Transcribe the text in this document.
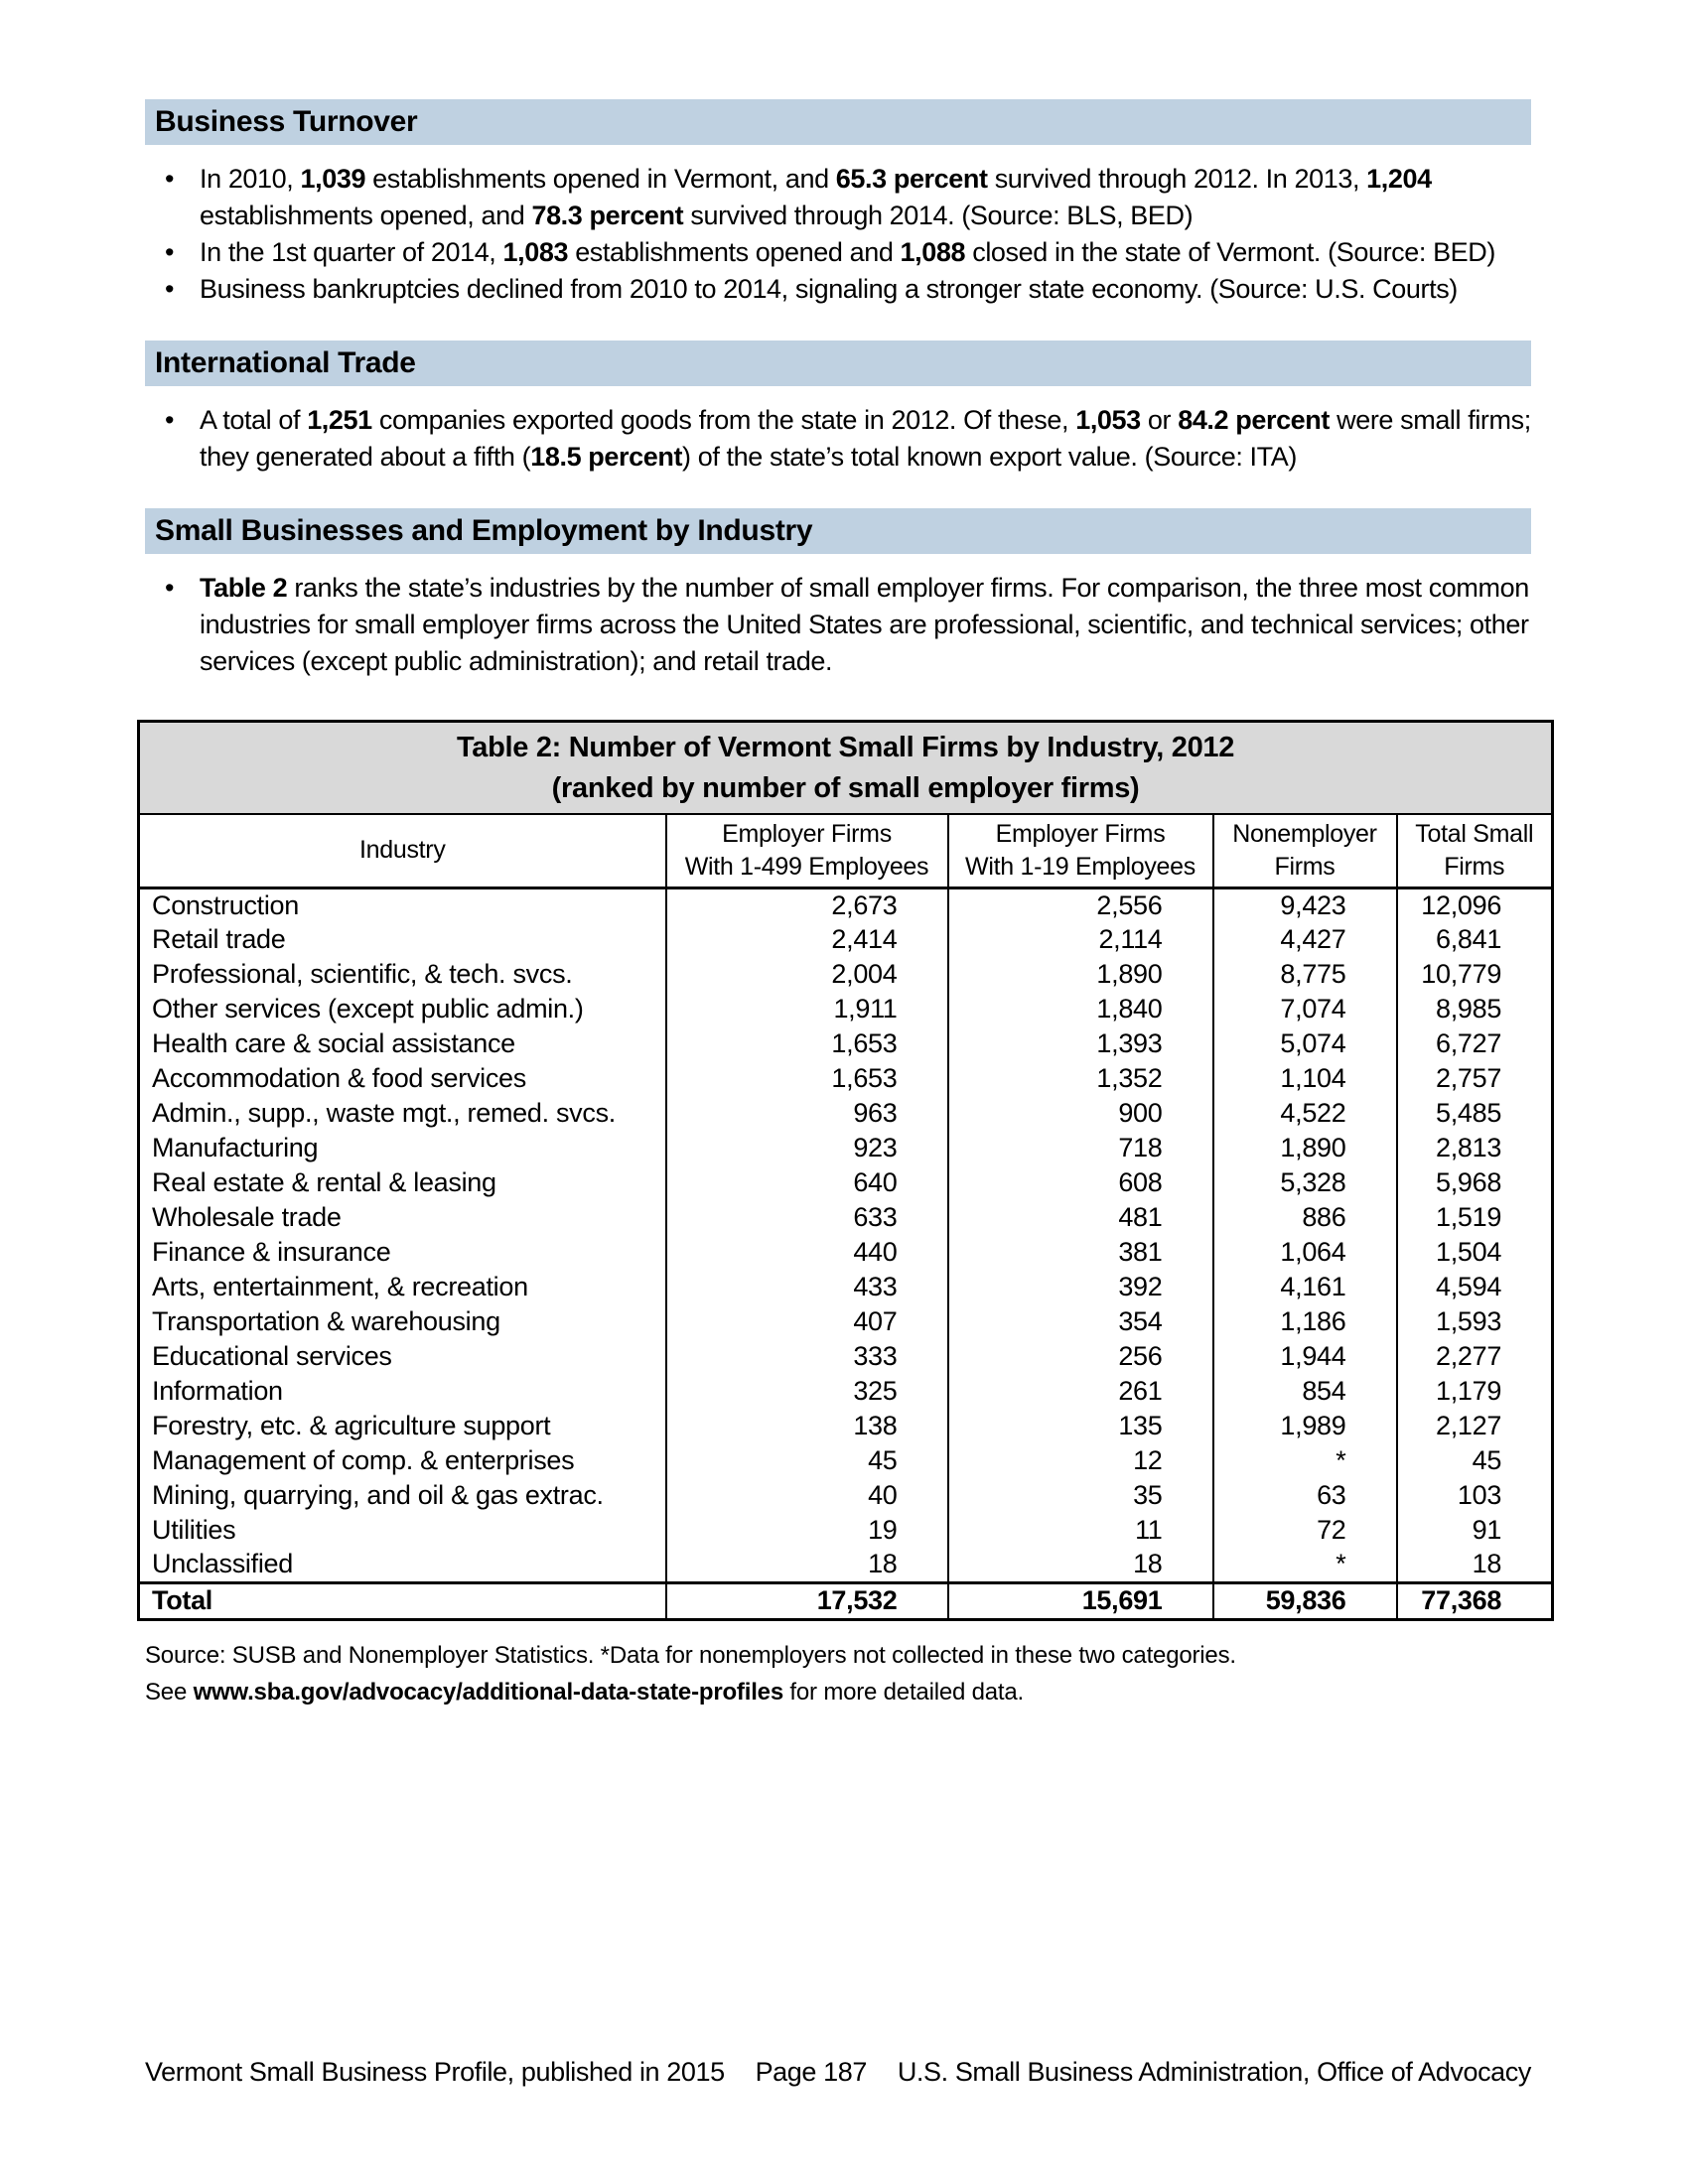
Business Turnover
• In 2010, 1,039 establishments opened in Vermont, and 65.3 percent survived through 2012. In 2013, 1,204 establishments opened, and 78.3 percent survived through 2014. (Source: BLS, BED)
• In the 1st quarter of 2014, 1,083 establishments opened and 1,088 closed in the state of Vermont. (Source: BED)
• Business bankruptcies declined from 2010 to 2014, signaling a stronger state economy. (Source: U.S. Courts)
International Trade
• A total of 1,251 companies exported goods from the state in 2012. Of these, 1,053 or 84.2 percent were small firms; they generated about a fifth (18.5 percent) of the state’s total known export value. (Source: ITA)
Small Businesses and Employment by Industry
• Table 2 ranks the state’s industries by the number of small employer firms. For comparison, the three most common industries for small employer firms across the United States are professional, scientific, and technical services; other services (except public administration); and retail trade.
Table 2: Number of Vermont Small Firms by Industry, 2012
(ranked by number of small employer firms)				

Industry

Employer Firms
With 1-499 Employees

Employer Firms
With 1-19 Employees

Nonemployer
Firms

Total Small
Firms

Construction	2,673	2,556	9,423	12,096
Retail trade	2,414	2,114	4,427	6,841
Professional, scientific, & tech. svcs.	2,004	1,890	8,775	10,779
Other services (except public admin.)	1,911	1,840	7,074	8,985
Health care & social assistance	1,653	1,393	5,074	6,727
Accommodation & food services	1,653	1,352	1,104	2,757
Admin., supp., waste mgt., remed. svcs.	963	900	4,522	5,485
Manufacturing	923	718	1,890	2,813
Real estate & rental & leasing	640	608	5,328	5,968
Wholesale trade	633	481	886	1,519
Finance & insurance	440	381	1,064	1,504
Arts, entertainment, & recreation	433	392	4,161	4,594
Transportation & warehousing	407	354	1,186	1,593
Educational services	333	256	1,944	2,277
Information	325	261	854	1,179
Forestry, etc. & agriculture support	138	135	1,989	2,127
Management of comp. & enterprises	45	12	*	45
Mining, quarrying, and oil & gas extrac.	40	35	63	103
Utilities	19	11	72	91
Unclassified	18	18	*	18
Total	17,532	15,691	59,836	77,368
Source: SUSB and Nonemployer Statistics. *Data for nonemployers not collected in these two categories.
See www.sba.gov/advocacy/additional-data-state-profiles for more detailed data.
Vermont Small Business Profile, published in 2015 Page 187 U.S. Small Business Administration, Office of Advocacy
